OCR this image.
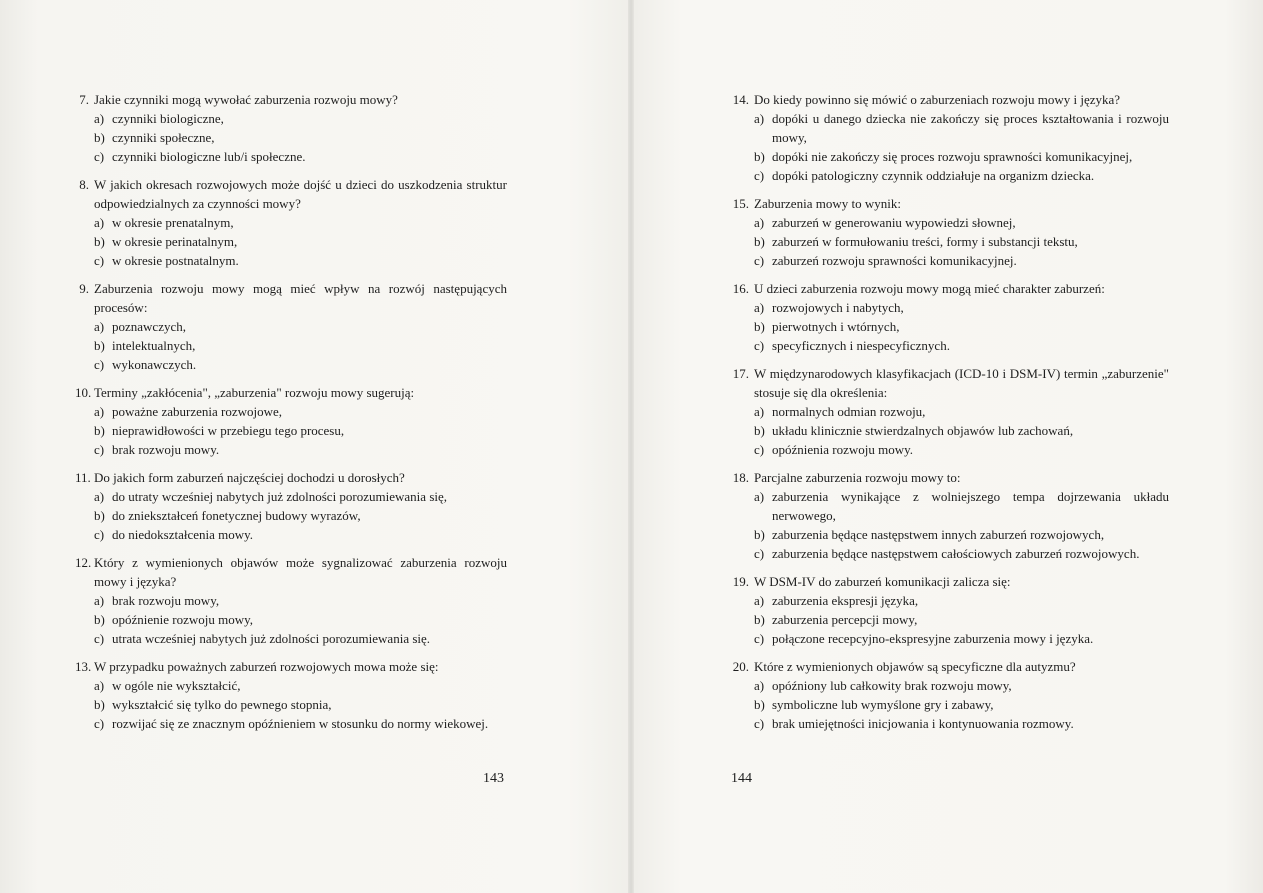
7. Jakie czynniki mogą wywołać zaburzenia rozwoju mowy?
a) czynniki biologiczne,
b) czynniki społeczne,
c) czynniki biologiczne lub/i społeczne.
8. W jakich okresach rozwojowych może dojść u dzieci do uszkodzenia struktur odpowiedzialnych za czynności mowy?
a) w okresie prenatalnym,
b) w okresie perinatalnym,
c) w okresie postnatalnym.
9. Zaburzenia rozwoju mowy mogą mieć wpływ na rozwój następujących procesów:
a) poznawczych,
b) intelektualnych,
c) wykonawczych.
10. Terminy „zakłócenia", „zaburzenia" rozwoju mowy sugerują:
a) poważne zaburzenia rozwojowe,
b) nieprawidłowości w przebiegu tego procesu,
c) brak rozwoju mowy.
11. Do jakich form zaburzeń najczęściej dochodzi u dorosłych?
a) do utraty wcześniej nabytych już zdolności porozumiewania się,
b) do zniekształceń fonetycznej budowy wyrazów,
c) do niedokształcenia mowy.
12. Który z wymienionych objawów może sygnalizować zaburzenia rozwoju mowy i języka?
a) brak rozwoju mowy,
b) opóźnienie rozwoju mowy,
c) utrata wcześniej nabytych już zdolności porozumiewania się.
13. W przypadku poważnych zaburzeń rozwojowych mowa może się:
a) w ogóle nie wykształcić,
b) wykształcić się tylko do pewnego stopnia,
c) rozwijać się ze znacznym opóźnieniem w stosunku do normy wiekowej.
143
14. Do kiedy powinno się mówić o zaburzeniach rozwoju mowy i języka?
a) dopóki u danego dziecka nie zakończy się proces kształtowania i rozwoju mowy,
b) dopóki nie zakończy się proces rozwoju sprawności komunikacyjnej,
c) dopóki patologiczny czynnik oddziałuje na organizm dziecka.
15. Zaburzenia mowy to wynik:
a) zaburzeń w generowaniu wypowiedzi słownej,
b) zaburzeń w formułowaniu treści, formy i substancji tekstu,
c) zaburzeń rozwoju sprawności komunikacyjnej.
16. U dzieci zaburzenia rozwoju mowy mogą mieć charakter zaburzeń:
a) rozwojowych i nabytych,
b) pierwotnych i wtórnych,
c) specyficznych i niespecyficznych.
17. W międzynarodowych klasyfikacjach (ICD-10 i DSM-IV) termin „zaburzenie" stosuje się dla określenia:
a) normalnych odmian rozwoju,
b) układu klinicznie stwierdzalnych objawów lub zachowań,
c) opóźnienia rozwoju mowy.
18. Parcjalne zaburzenia rozwoju mowy to:
a) zaburzenia wynikające z wolniejszego tempa dojrzewania układu nerwowego,
b) zaburzenia będące następstwem innych zaburzeń rozwojowych,
c) zaburzenia będące następstwem całościowych zaburzeń rozwojowych.
19. W DSM-IV do zaburzeń komunikacji zalicza się:
a) zaburzenia ekspresji języka,
b) zaburzenia percepcji mowy,
c) połączone recepcyjno-ekspresyjne zaburzenia mowy i języka.
20. Które z wymienionych objawów są specyficzne dla autyzmu?
a) opóźniony lub całkowity brak rozwoju mowy,
b) symboliczne lub wymyślone gry i zabawy,
c) brak umiejętności inicjowania i kontynuowania rozmowy.
144
